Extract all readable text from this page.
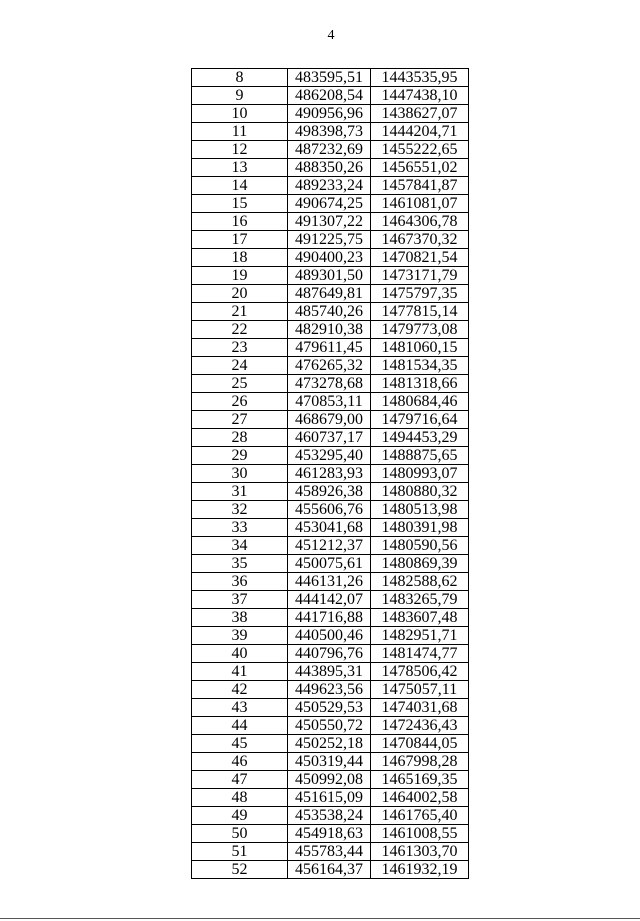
4
8	483595,51	1443535,95
9	486208,54	1447438,10
10	490956,96	1438627,07
11	498398,73	1444204,71
12	487232,69	1455222,65
13	488350,26	1456551,02
14	489233,24	1457841,87
15	490674,25	1461081,07
16	491307,22	1464306,78
17	491225,75	1467370,32
18	490400,23	1470821,54
19	489301,50	1473171,79
20	487649,81	1475797,35
21	485740,26	1477815,14
22	482910,38	1479773,08
23	479611,45	1481060,15
24	476265,32	1481534,35
25	473278,68	1481318,66
26	470853,11	1480684,46
27	468679,00	1479716,64
28	460737,17	1494453,29
29	453295,40	1488875,65
30	461283,93	1480993,07
31	458926,38	1480880,32
32	455606,76	1480513,98
33	453041,68	1480391,98
34	451212,37	1480590,56
35	450075,61	1480869,39
36	446131,26	1482588,62
37	444142,07	1483265,79
38	441716,88	1483607,48
39	440500,46	1482951,71
40	440796,76	1481474,77
41	443895,31	1478506,42
42	449623,56	1475057,11
43	450529,53	1474031,68
44	450550,72	1472436,43
45	450252,18	1470844,05
46	450319,44	1467998,28
47	450992,08	1465169,35
48	451615,09	1464002,58
49	453538,24	1461765,40
50	454918,63	1461008,55
51	455783,44	1461303,70
52	456164,37	1461932,19
